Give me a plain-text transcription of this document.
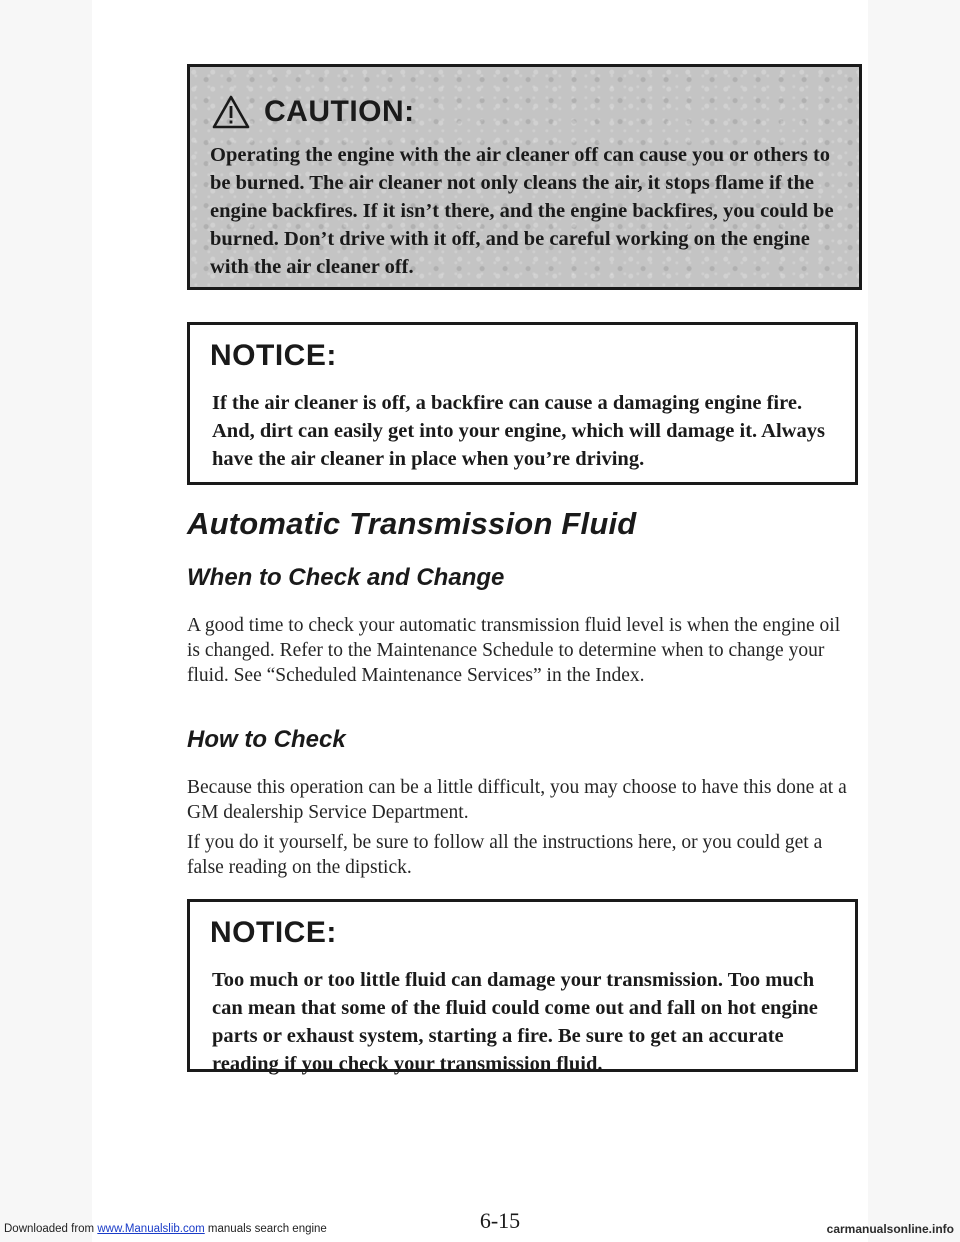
CAUTION:

Operating the engine with the air cleaner off can cause you or others to be burned. The air cleaner not only cleans the air, it stops flame if the engine backfires. If it isn’t there, and the engine backfires, you could be burned. Don’t drive with it off, and be careful working on the engine with the air cleaner off.

NOTICE:

If the air cleaner is off, a backfire can cause a damaging engine fire. And, dirt can easily get into your engine, which will damage it. Always have the air cleaner in place when you’re driving.

Automatic Transmission Fluid
When to Check and Change

A good time to check your automatic transmission fluid level is when the engine oil is changed. Refer to the Maintenance Schedule to determine when to change your fluid. See “Scheduled Maintenance Services” in the Index.

How to Check

Because this operation can be a little difficult, you may choose to have this done at a GM dealership Service Department.

If you do it yourself, be sure to follow all the instructions here, or you could get a false reading on the dipstick.

NOTICE:

Too much or too little fluid can damage your transmission. Too much can mean that some of the fluid could come out and fall on hot engine parts or exhaust system, starting a fire. Be sure to get an accurate reading if you check your transmission fluid.

6-15
Downloaded from www.Manualslib.com manuals search engine	carmanualsonline.info
